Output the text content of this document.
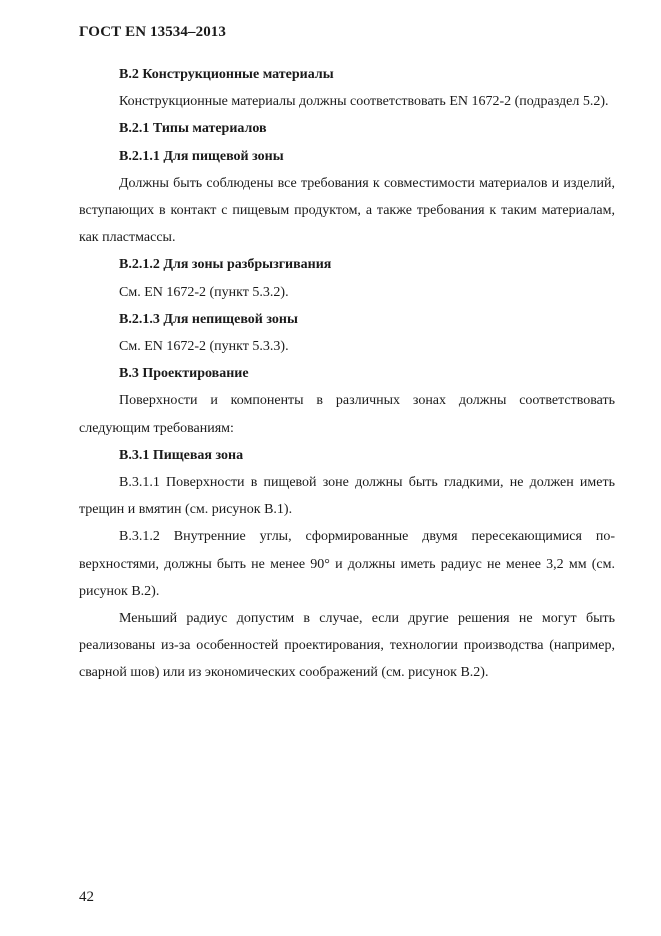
ГОСТ EN 13534–2013

В.2 Конструкционные материалы

Конструкционные материалы должны соответствовать EN 1672-2 (подраздел 5.2).

В.2.1 Типы материалов

В.2.1.1 Для пищевой зоны

Должны быть соблюдены все требования к совместимости материалов и изделий, вступающих в контакт с пищевым продуктом, а также требования к таким материалам, как пластмассы.

В.2.1.2 Для зоны разбрызгивания

См. EN 1672-2 (пункт 5.3.2).

В.2.1.3 Для непищевой зоны

См. EN 1672-2 (пункт 5.3.3).

В.3 Проектирование

Поверхности и компоненты в различных зонах должны соответствовать следующим требованиям:

В.3.1 Пищевая зона

В.3.1.1 Поверхности в пищевой зоне должны быть гладкими, не должен иметь трещин и вмятин (см. рисунок В.1).

В.3.1.2 Внутренние углы, сформированные двумя пересекающимися поверхностями, должны быть не менее 90° и должны иметь радиус не менее 3,2 мм (см. рисунок В.2).

Меньший радиус допустим в случае, если другие решения не могут быть реализованы из-за особенностей проектирования, технологии производства (например, сварной шов) или из экономических соображений (см. рисунок В.2).

42
